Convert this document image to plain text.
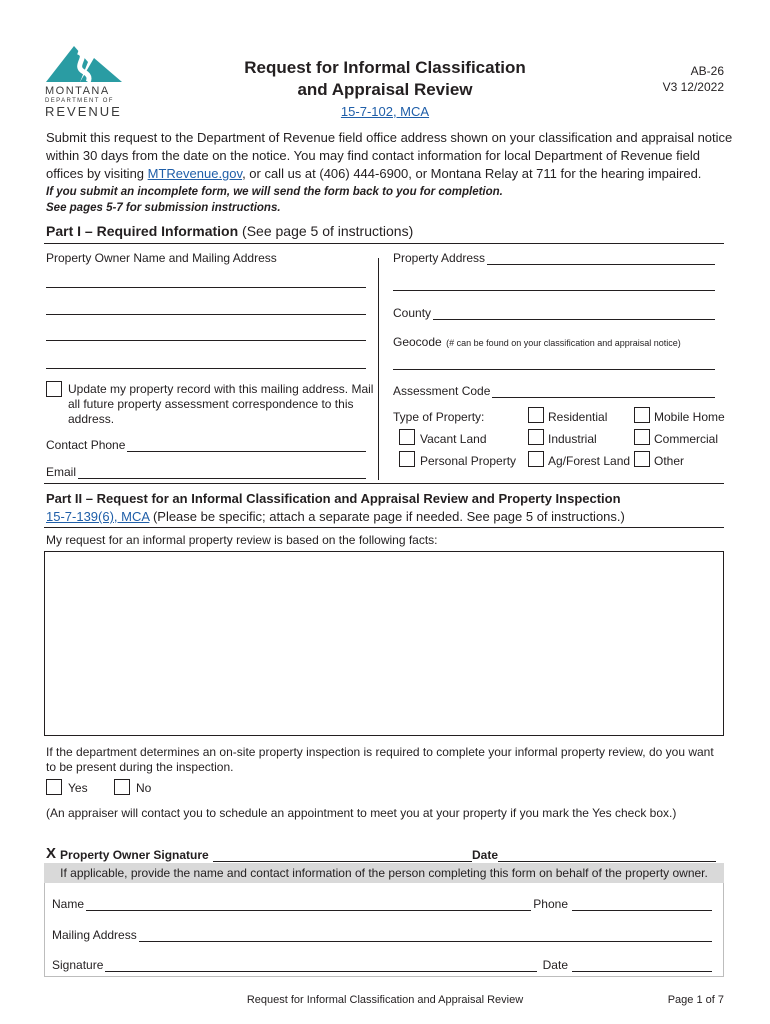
MONTANA
DEPARTMENT OF
REVENUE
Request for Informal Classification
and Appraisal Review
15-7-102, MCA
AB-26
V3 12/2022
Submit this request to the Department of Revenue field office address shown on your classification and appraisal notice within 30 days from the date on the notice. You may find contact information for local Department of Revenue field offices by visiting MTRevenue.gov, or call us at (406) 444-6900, or Montana Relay at 711 for the hearing impaired.
If you submit an incomplete form, we will send the form back to you for completion.
See pages 5-7 for submission instructions.
Part I – Required Information (See page 5 of instructions)
Property Owner Name and Mailing Address
Update my property record with this mailing address. Mail all future property assessment correspondence to this address.
Contact Phone
Email
Property Address
County
Geocode (# can be found on your classification and appraisal notice)
Assessment Code
Type of Property:	Residential	Mobile Home
Vacant Land	Industrial	Commercial
Personal Property	Ag/Forest Land Other
Part II – Request for an Informal Classification and Appraisal Review and Property Inspection
15-7-139(6), MCA (Please be specific; attach a separate page if needed. See page 5 of instructions.)
My request for an informal property review is based on the following facts:
If the department determines an on-site property inspection is required to complete your informal property review, do you want to be present during the inspection.
Yes	No
(An appraiser will contact you to schedule an appointment to meet you at your property if you mark the Yes check box.)
X Property Owner Signature	Date
If applicable, provide the name and contact information of the person completing this form on behalf of the property owner.
Name	Phone
Mailing Address
Signature	Date
Request for Informal Classification and Appraisal Review	Page 1 of 7
